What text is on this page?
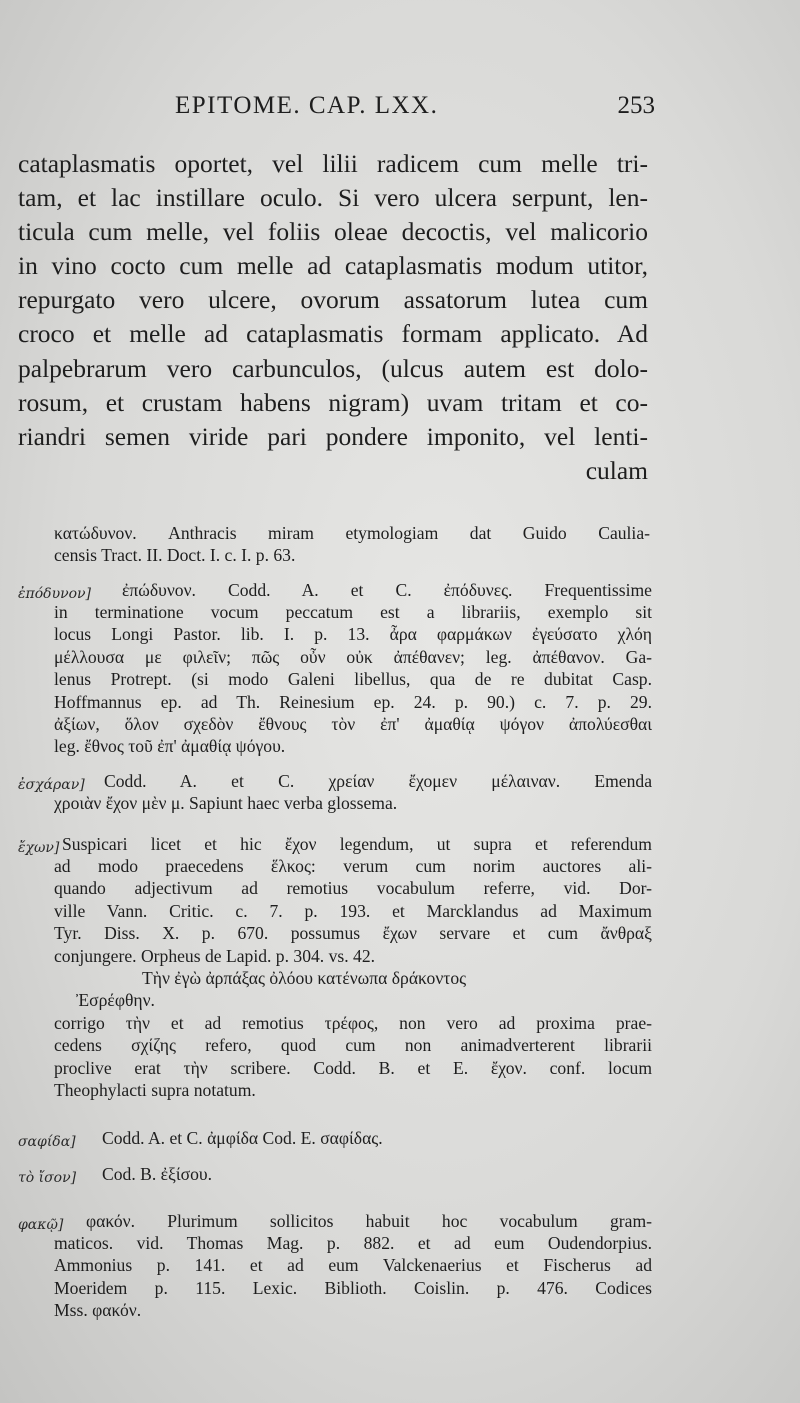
EPITOME. CAP. LXX.	253
cataplasmatis oportet, vel lilii radicem cum melle tri-
tam, et lac instillare oculo. Si vero ulcera serpunt, len-
ticula cum melle, vel foliis oleae decoctis, vel malicorio
in vino cocto cum melle ad cataplasmatis modum utitor,
repurgato vero ulcere, ovorum assatorum lutea cum
croco et melle ad cataplasmatis formam applicato. Ad
palpebrarum vero carbunculos, (ulcus autem est dolo-
rosum, et crustam habens nigram) uvam tritam et co-
riandri semen viride pari pondere imponito, vel lenti-
culam
κατώδυνον. Anthracis miram etymologiam dat Guido Caulia-
censis Tract. II. Doct. I. c. I. p. 63.
ἐπόδυνον] ἐπώδυνον. Codd. A. et C. ἐπόδυνες. Frequentissime
in terminatione vocum peccatum est a librariis, exemplo sit
locus Longi Pastor. lib. I. p. 13. ἆρα φαρμάκων ἐγεύσατο χλόη
μέλλουσα με φιλεῖν; πῶς οὖν οὐκ ἀπέθανεν; leg. ἀπέθανον. Ga-
lenus Protrept. (si modo Galeni libellus, qua de re dubitat Casp.
Hoffmannus ep. ad Th. Reinesium ep. 24. p. 90.) c. 7. p. 29.
ἀξίων, ὅλον σχεδὸν ἔθνους τὸν ἐπ' ἀμαθίᾳ ψόγον ἀπολύεσθαι
leg. ἔθνος τοῦ ἐπ' ἀμαθίᾳ ψόγου.
ἐσχάραν] Codd. A. et C. χρείαν ἔχομεν μέλαιναν. Emenda
χροιὰν ἔχον μὲν μ. Sapiunt haec verba glossema.
ἔχων] Suspicari licet et hic ἔχον legendum, ut supra et referendum
ad modo praecedens ἕλκος: verum cum norim auctores ali-
quando adjectivum ad remotius vocabulum referre, vid. Dor-
ville Vann. Critic. c. 7. p. 193. et Marcklandus ad Maximum
Tyr. Diss. X. p. 670. possumus ἔχων servare et cum ἄνθραξ
conjungere. Orpheus de Lapid. p. 304. vs. 42.
Τὴν ἐγὼ ἀρπάξας ὀλόου κατένωπα δράκοντος
Ἐσρέφθην.
corrigo τὴν et ad remotius τρέφος, non vero ad proxima prae-
cedens σχίζης refero, quod cum non animadverterent librarii
proclive erat τὴν scribere. Codd. B. et E. ἔχον. conf. locum
Theophylacti supra notatum.
σαφίδα] Codd. A. et C. ἀμφίδα Cod. E. σαφίδας.
τὸ ἴσον] Cod. B. ἐξίσου.
φακῷ] φακόν. Plurimum sollicitos habuit hoc vocabulum gram-
maticos. vid. Thomas Mag. p. 882. et ad eum Oudendorpius.
Ammonius p. 141. et ad eum Valckenaerius et Fischerus ad
Moeridem p. 115. Lexic. Biblioth. Coislin. p. 476. Codices
Mss. φακόν.
